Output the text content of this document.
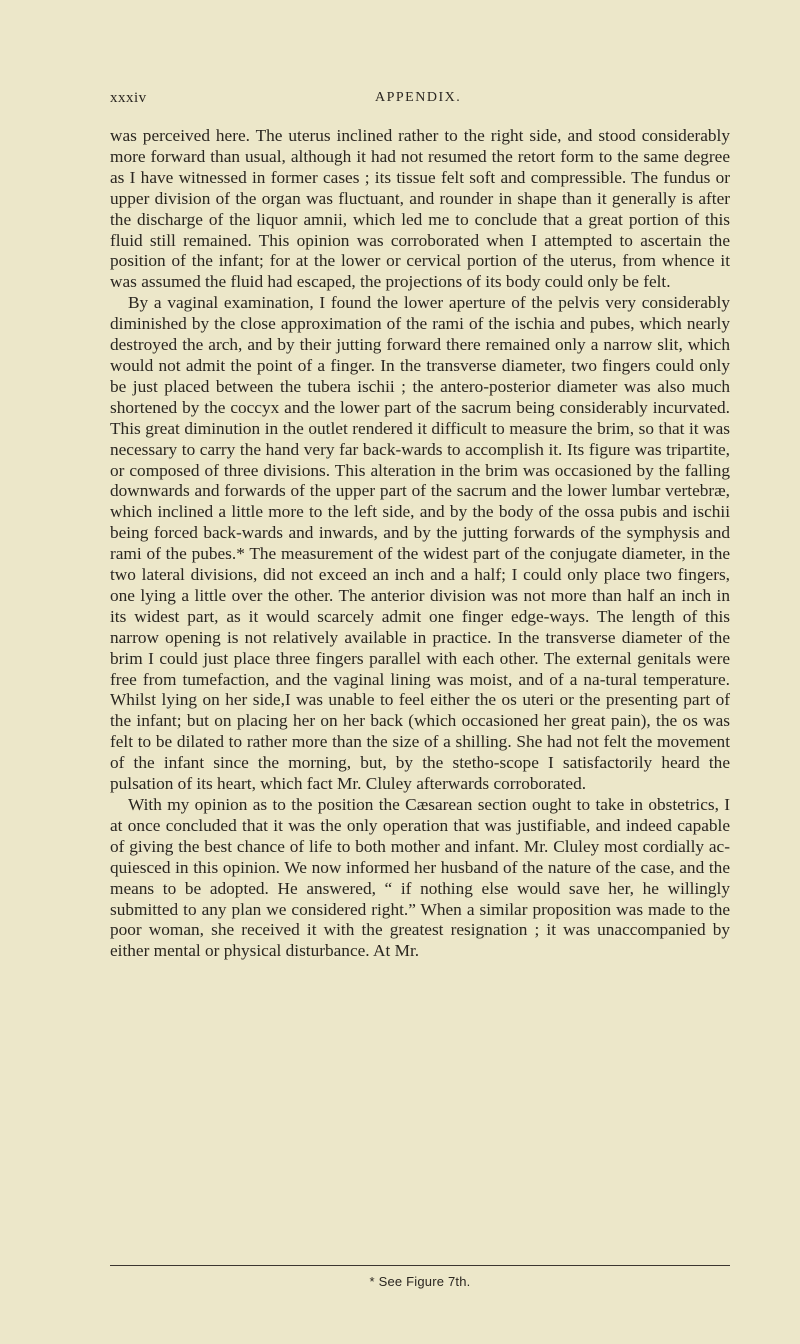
xxxiv	APPENDIX.

was perceived here. The uterus inclined rather to the right side, and stood considerably more forward than usual, although it had not resumed the retort form to the same degree as I have witnessed in former cases ; its tissue felt soft and compressible. The fundus or upper division of the organ was fluctuant, and rounder in shape than it generally is after the discharge of the liquor amnii, which led me to conclude that a great portion of this fluid still remained. This opinion was corroborated when I attempted to ascertain the position of the infant; for at the lower or cervical portion of the uterus, from whence it was assumed the fluid had escaped, the projections of its body could only be felt.

By a vaginal examination, I found the lower aperture of the pelvis very considerably diminished by the close approximation of the rami of the ischia and pubes, which nearly destroyed the arch, and by their jutting forward there remained only a narrow slit, which would not admit the point of a finger. In the transverse diameter, two fingers could only be just placed between the tubera ischii ; the antero-posterior diameter was also much shortened by the coccyx and the lower part of the sacrum being considerably incurvated. This great diminution in the outlet rendered it difficult to measure the brim, so that it was necessary to carry the hand very far back-wards to accomplish it. Its figure was tripartite, or composed of three divisions. This alteration in the brim was occasioned by the falling downwards and forwards of the upper part of the sacrum and the lower lumbar vertebræ, which inclined a little more to the left side, and by the body of the ossa pubis and ischii being forced back-wards and inwards, and by the jutting forwards of the symphysis and rami of the pubes.* The measurement of the widest part of the conjugate diameter, in the two lateral divisions, did not exceed an inch and a half; I could only place two fingers, one lying a little over the other. The anterior division was not more than half an inch in its widest part, as it would scarcely admit one finger edge-ways. The length of this narrow opening is not relatively available in practice. In the transverse diameter of the brim I could just place three fingers parallel with each other. The external genitals were free from tumefaction, and the vaginal lining was moist, and of a na-tural temperature. Whilst lying on her side,I was unable to feel either the os uteri or the presenting part of the infant; but on placing her on her back (which occasioned her great pain), the os was felt to be dilated to rather more than the size of a shilling. She had not felt the movement of the infant since the morning, but, by the stetho-scope I satisfactorily heard the pulsation of its heart, which fact Mr. Cluley afterwards corroborated.

With my opinion as to the position the Cæsarean section ought to take in obstetrics, I at once concluded that it was the only operation that was justifiable, and indeed capable of giving the best chance of life to both mother and infant. Mr. Cluley most cordially ac-quiesced in this opinion. We now informed her husband of the nature of the case, and the means to be adopted. He answered, “ if nothing else would save her, he willingly submitted to any plan we considered right.” When a similar proposition was made to the poor woman, she received it with the greatest resignation ; it was unaccompanied by either mental or physical disturbance. At Mr.

* See Figure 7th.
